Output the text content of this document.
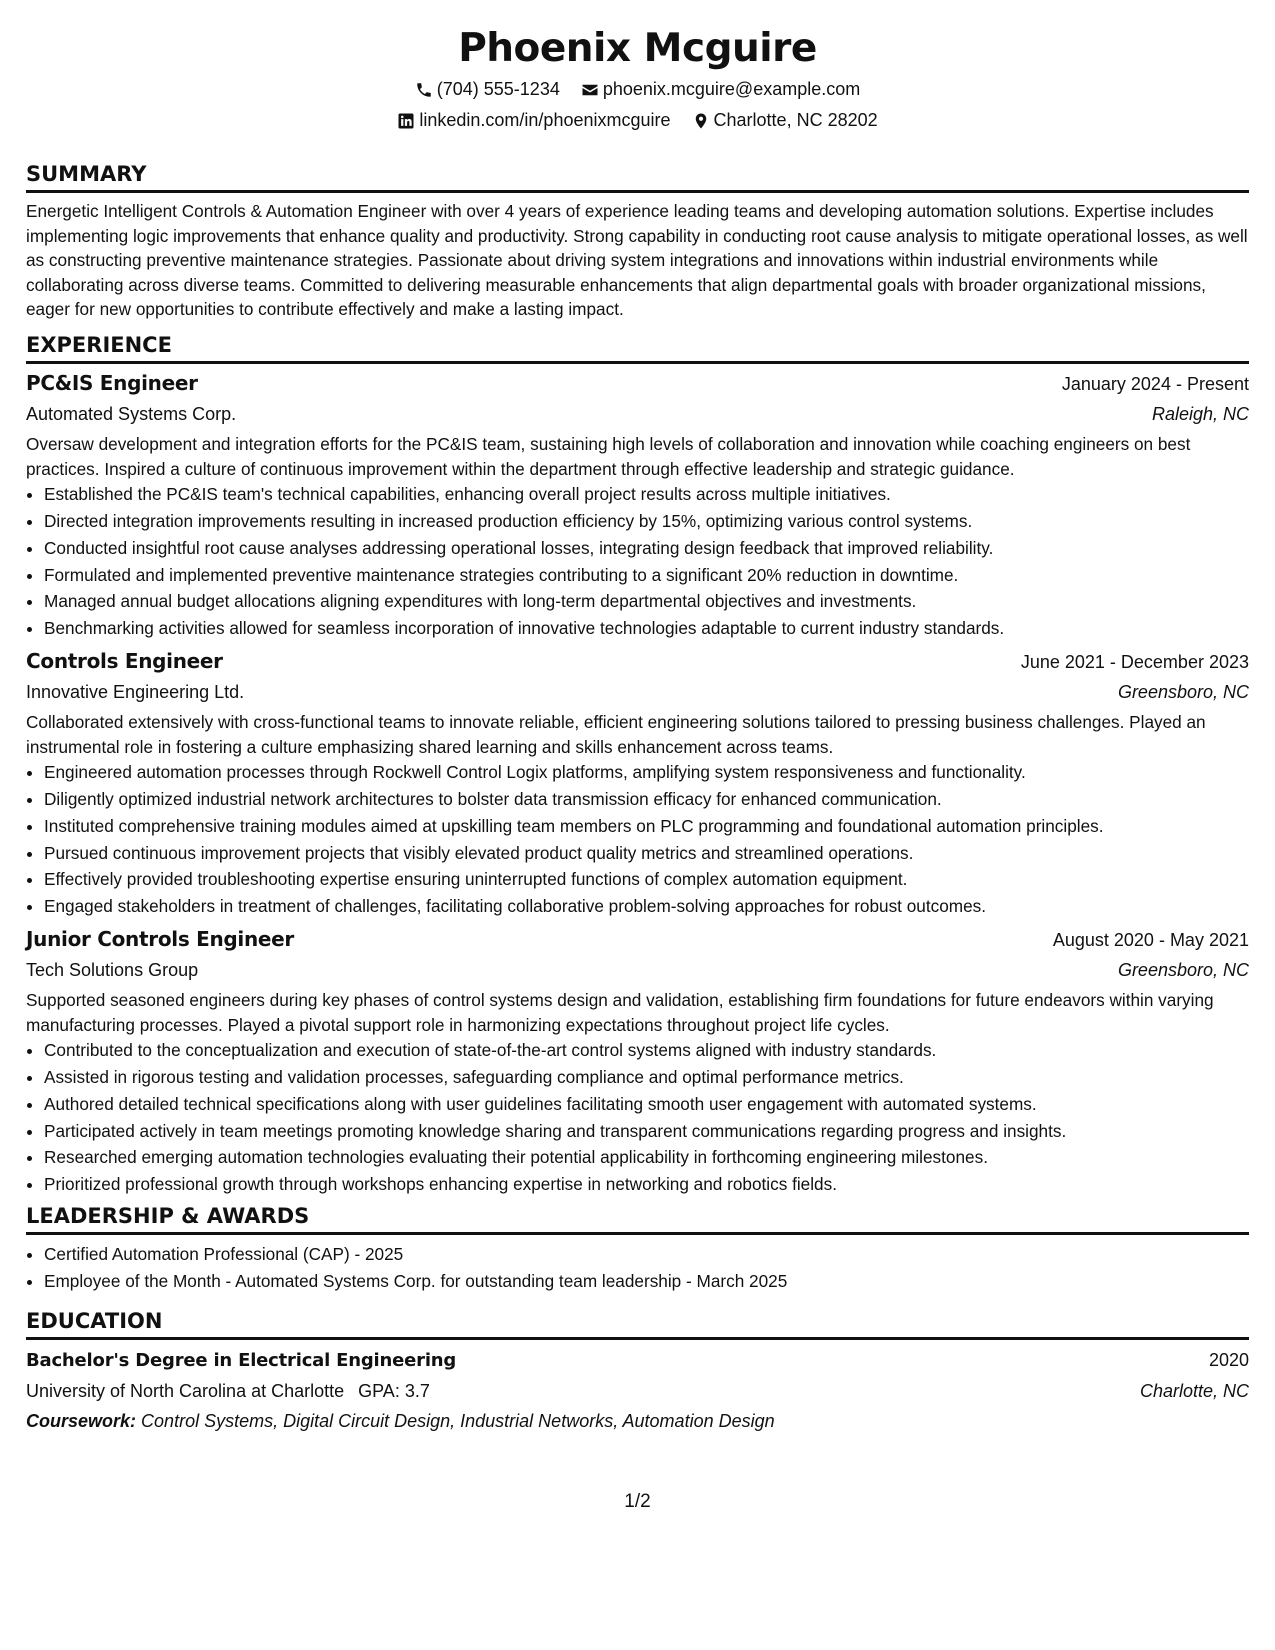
Phoenix Mcguire
(704) 555-1234
phoenix.mcguire@example.com
linkedin.com/in/phoenixmcguire
Charlotte, NC 28202
SUMMARY

Energetic Intelligent Controls & Automation Engineer with over 4 years of experience leading teams and developing automation solutions. Expertise includes implementing logic improvements that enhance quality and productivity. Strong capability in conducting root cause analysis to mitigate operational losses, as well as constructing preventive maintenance strategies. Passionate about driving system integrations and innovations within industrial environments while collaborating across diverse teams. Committed to delivering measurable enhancements that align departmental goals with broader organizational missions, eager for new opportunities to contribute effectively and make a lasting impact.

EXPERIENCE
PC&IS Engineer	January 2024 - Present
Automated Systems Corp.	Raleigh, NC
Oversaw development and integration efforts for the PC&IS team, sustaining high levels of collaboration and innovation while coaching engineers on best practices. Inspired a culture of continuous improvement within the department through effective leadership and strategic guidance.
• Established the PC&IS team's technical capabilities, enhancing overall project results across multiple initiatives.
• Directed integration improvements resulting in increased production efficiency by 15%, optimizing various control systems.
• Conducted insightful root cause analyses addressing operational losses, integrating design feedback that improved reliability.
• Formulated and implemented preventive maintenance strategies contributing to a significant 20% reduction in downtime.
• Managed annual budget allocations aligning expenditures with long-term departmental objectives and investments.
• Benchmarking activities allowed for seamless incorporation of innovative technologies adaptable to current industry standards.
Controls Engineer	June 2021 - December 2023
Innovative Engineering Ltd.	Greensboro, NC
Collaborated extensively with cross-functional teams to innovate reliable, efficient engineering solutions tailored to pressing business challenges. Played an instrumental role in fostering a culture emphasizing shared learning and skills enhancement across teams.
• Engineered automation processes through Rockwell Control Logix platforms, amplifying system responsiveness and functionality.
• Diligently optimized industrial network architectures to bolster data transmission efficacy for enhanced communication.
• Instituted comprehensive training modules aimed at upskilling team members on PLC programming and foundational automation principles.
• Pursued continuous improvement projects that visibly elevated product quality metrics and streamlined operations.
• Effectively provided troubleshooting expertise ensuring uninterrupted functions of complex automation equipment.
• Engaged stakeholders in treatment of challenges, facilitating collaborative problem-solving approaches for robust outcomes.
Junior Controls Engineer	August 2020 - May 2021
Tech Solutions Group	Greensboro, NC
Supported seasoned engineers during key phases of control systems design and validation, establishing firm foundations for future endeavors within varying manufacturing processes. Played a pivotal support role in harmonizing expectations throughout project life cycles.
• Contributed to the conceptualization and execution of state-of-the-art control systems aligned with industry standards.
• Assisted in rigorous testing and validation processes, safeguarding compliance and optimal performance metrics.
• Authored detailed technical specifications along with user guidelines facilitating smooth user engagement with automated systems.
• Participated actively in team meetings promoting knowledge sharing and transparent communications regarding progress and insights.
• Researched emerging automation technologies evaluating their potential applicability in forthcoming engineering milestones.
• Prioritized professional growth through workshops enhancing expertise in networking and robotics fields.
LEADERSHIP & AWARDS
• Certified Automation Professional (CAP) - 2025
• Employee of the Month - Automated Systems Corp. for outstanding team leadership - March 2025
EDUCATION
Bachelor's Degree in Electrical Engineering	2020
University of North Carolina at Charlotte GPA: 3.7	Charlotte, NC
Coursework: Control Systems, Digital Circuit Design, Industrial Networks, Automation Design
1/2
